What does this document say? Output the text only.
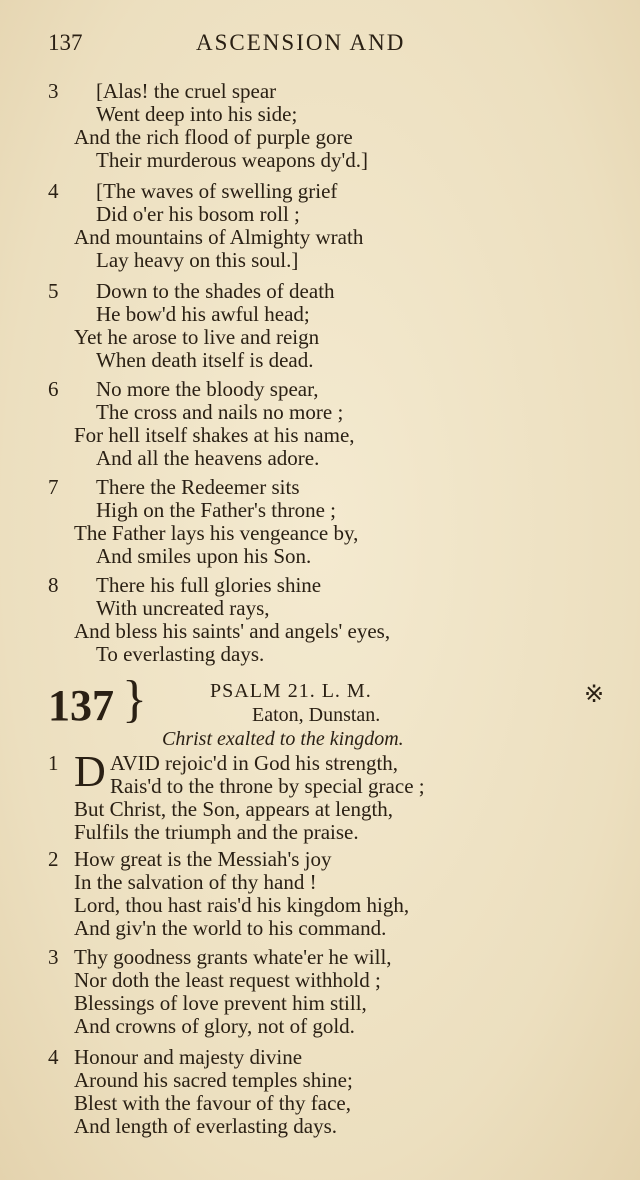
137	ASCENSION AND
3	[Alas! the cruel spear
Went deep into his side;
And the rich flood of purple gore
Their murderous weapons dy'd.]
4	[The waves of swelling grief
Did o'er his bosom roll ;
And mountains of Almighty wrath
Lay heavy on this soul.]
5	Down to the shades of death
He bow'd his awful head;
Yet he arose to live and reign
When death itself is dead.
6	No more the bloody spear,
The cross and nails no more ;
For hell itself shakes at his name,
And all the heavens adore.
7	There the Redeemer sits
High on the Father's throne ;
The Father lays his vengeance by,
And smiles upon his Son.
8	There his full glories shine
With uncreated rays,
And bless his saints' and angels' eyes,
To everlasting days.
137 }	PSALM 21. L. M.
Eaton, Dunstan.
Christ exalted to the kingdom.
※
1 AVID rejoic'd in God his strength,
Rais'd to the throne by special grace ;
But Christ, the Son, appears at length,
Fulfils the triumph and the praise.
D
2 How great is the Messiah's joy
In the salvation of thy hand !
Lord, thou hast rais'd his kingdom high,
And giv'n the world to his command.
3 Thy goodness grants whate'er he will,
Nor doth the least request withhold ;
Blessings of love prevent him still,
And crowns of glory, not of gold.
4 Honour and majesty divine
Around his sacred temples shine;
Blest with the favour of thy face,
And length of everlasting days.
